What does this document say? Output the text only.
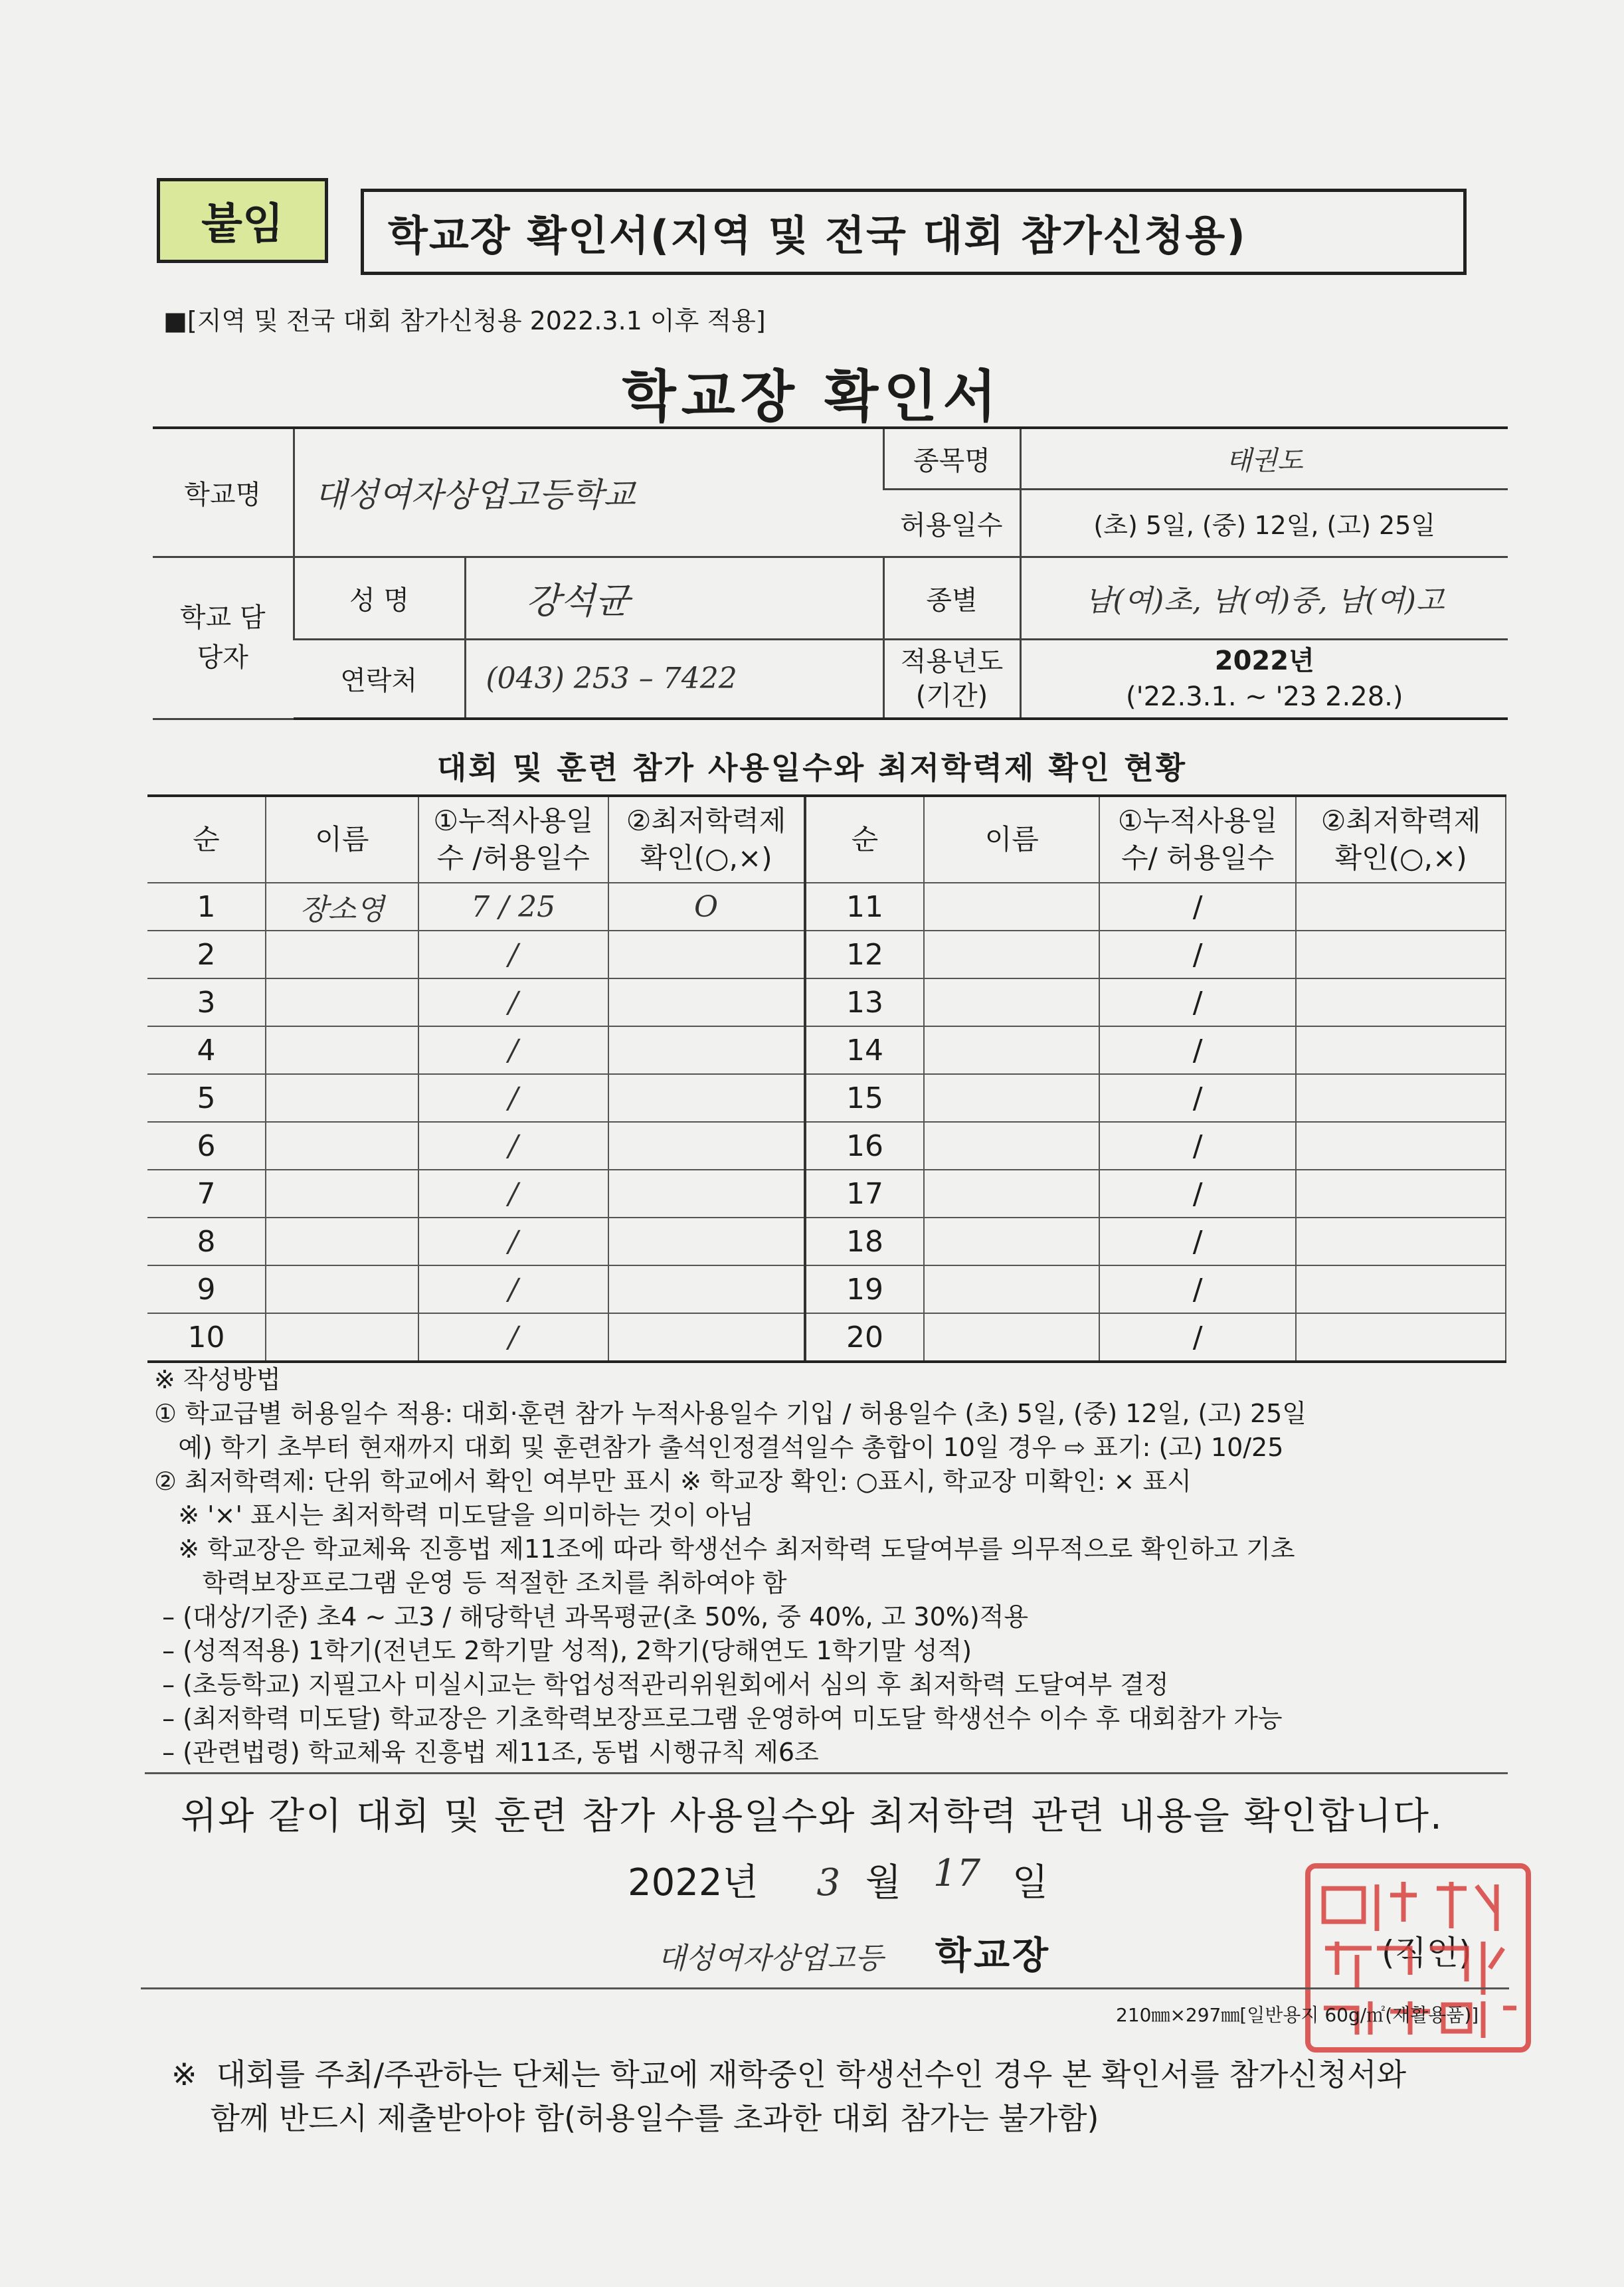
붙임	학교장 확인서(지역 및 전국 대회 참가신청용)
■[지역 및 전국 대회 참가신청용 2022.3.1 이후 적용]
학교장 확인서
학교명	대성여자상업고등학교		종목명	태권도
			허용일수	(초) 5일, (중) 12일, (고) 25일
학교 담당자	성 명	강석균	종별	남(여)초, 남(여)중, 남(여)고
	연락처	(043) 253 – 7422	적용년도 (기간)	2022년
('22.3.1. ~ '23 2.28.)
대회 및 훈련 참가 사용일수와 최저학력제 확인 현황
순	이름	①누적사용일수 /허용일수	②최저학력제 확인(○,×)	순	이름	①누적사용일수/ 허용일수	②최저학력제 확인(○,×)
1	장소영	7 / 25	O	11		/	
2		/		12		/	
3		/		13		/	
4		/		14		/	
5		/		15		/	
6		/		16		/	
7		/		17		/	
8		/		18		/	
9		/		19		/	
10		/		20		/	
※ 작성방법
① 학교급별 허용일수 적용: 대회·훈련 참가 누적사용일수 기입 / 허용일수 (초) 5일, (중) 12일, (고) 25일
예) 학기 초부터 현재까지 대회 및 훈련참가 출석인정결석일수 총합이 10일 경우 ⇨ 표기: (고) 10/25
② 최저학력제: 단위 학교에서 확인 여부만 표시 ※ 학교장 확인: ○표시, 학교장 미확인: × 표시
※ '×' 표시는 최저학력 미도달을 의미하는 것이 아님
※ 학교장은 학교체육 진흥법 제11조에 따라 학생선수 최저학력 도달여부를 의무적으로 확인하고 기초
학력보장프로그램 운영 등 적절한 조치를 취하여야 함
– (대상/기준) 초4 ~ 고3 / 해당학년 과목평균(초 50%, 중 40%, 고 30%)적용
– (성적적용) 1학기(전년도 2학기말 성적), 2학기(당해연도 1학기말 성적)
– (초등학교) 지필고사 미실시교는 학업성적관리위원회에서 심의 후 최저학력 도달여부 결정
– (최저학력 미도달) 학교장은 기초학력보장프로그램 운영하여 미도달 학생선수 이수 후 대회참가 가능
– (관련법령) 학교체육 진흥법 제11조, 동법 시행규칙 제6조
위와 같이 대회 및 훈련 참가 사용일수와 최저학력 관련 내용을 확인합니다.
2022년 3 월 17 일
대성여자상업고등 학교장	(직인)
210㎜×297㎜[일반용지 60g/㎡(재활용품)]
※  대회를 주최/주관하는 단체는 학교에 재학중인 학생선수인 경우 본 확인서를 참가신청서와
함께 반드시 제출받아야 함(허용일수를 초과한 대회 참가는 불가함)
